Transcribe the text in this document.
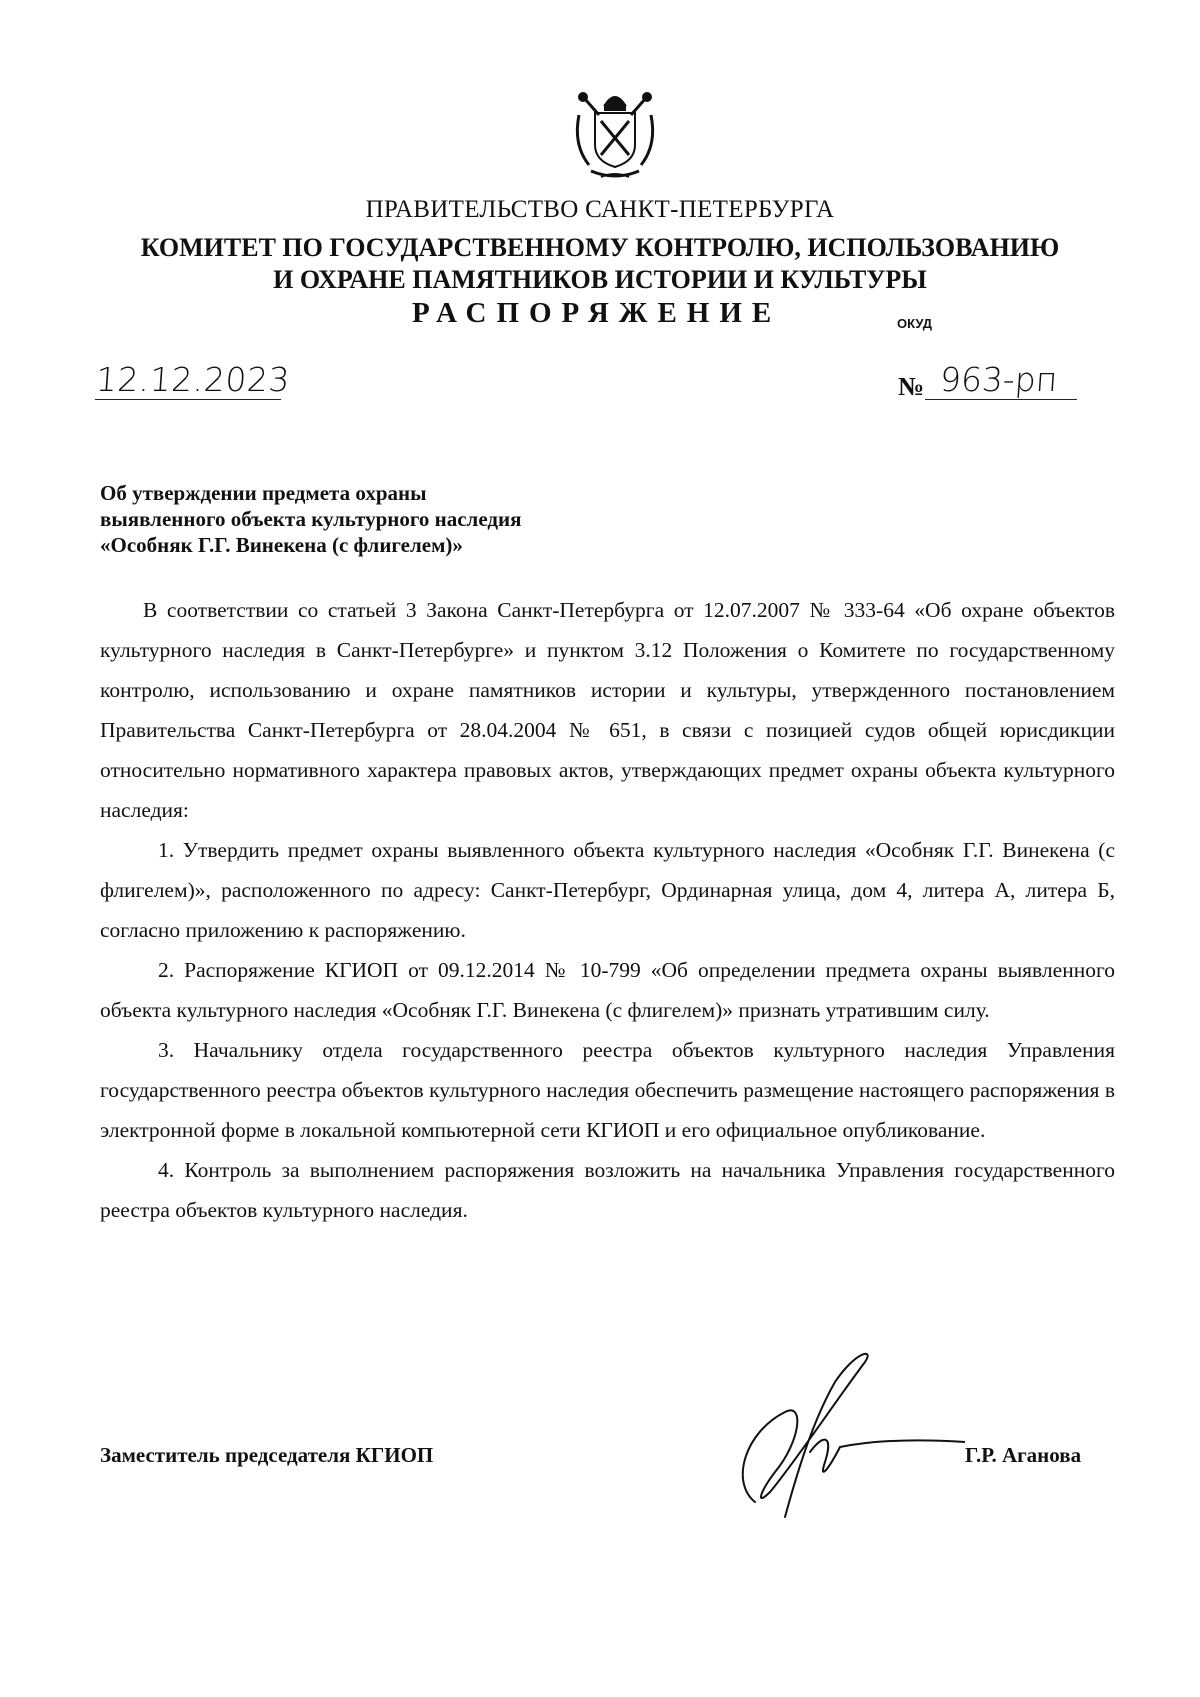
ПРАВИТЕЛЬСТВО САНКТ-ПЕТЕРБУРГА
КОМИТЕТ ПО ГОСУДАРСТВЕННОМУ КОНТРОЛЮ, ИСПОЛЬЗОВАНИЮ
И ОХРАНЕ ПАМЯТНИКОВ ИСТОРИИ И КУЛЬТУРЫ
РАСПОРЯЖЕНИЕ	ОКУД
12.12.2023	№ 963-рп
Об утверждении предмета охраны
выявленного объекта культурного наследия
«Особняк Г.Г. Винекена (с флигелем)»

В соответствии со статьей 3 Закона Санкт-Петербурга от 12.07.2007 № 333-64 «Об охране объектов культурного наследия в Санкт-Петербурге» и пунктом 3.12 Положения о Комитете по государственному контролю, использованию и охране памятников истории и культуры, утвержденного постановлением Правительства Санкт-Петербурга от 28.04.2004 № 651, в связи с позицией судов общей юрисдикции относительно нормативного характера правовых актов, утверждающих предмет охраны объекта культурного наследия:

1. Утвердить предмет охраны выявленного объекта культурного наследия «Особняк Г.Г. Винекена (с флигелем)», расположенного по адресу: Санкт-Петербург, Ординарная улица, дом 4, литера А, литера Б, согласно приложению к распоряжению.

2. Распоряжение КГИОП от 09.12.2014 № 10-799 «Об определении предмета охраны выявленного объекта культурного наследия «Особняк Г.Г. Винекена (с флигелем)» признать утратившим силу.

3. Начальнику отдела государственного реестра объектов культурного наследия Управления государственного реестра объектов культурного наследия обеспечить размещение настоящего распоряжения в электронной форме в локальной компьютерной сети КГИОП и его официальное опубликование.

4. Контроль за выполнением распоряжения возложить на начальника Управления государственного реестра объектов культурного наследия.

Заместитель председателя КГИОП	Г.Р. Аганова
